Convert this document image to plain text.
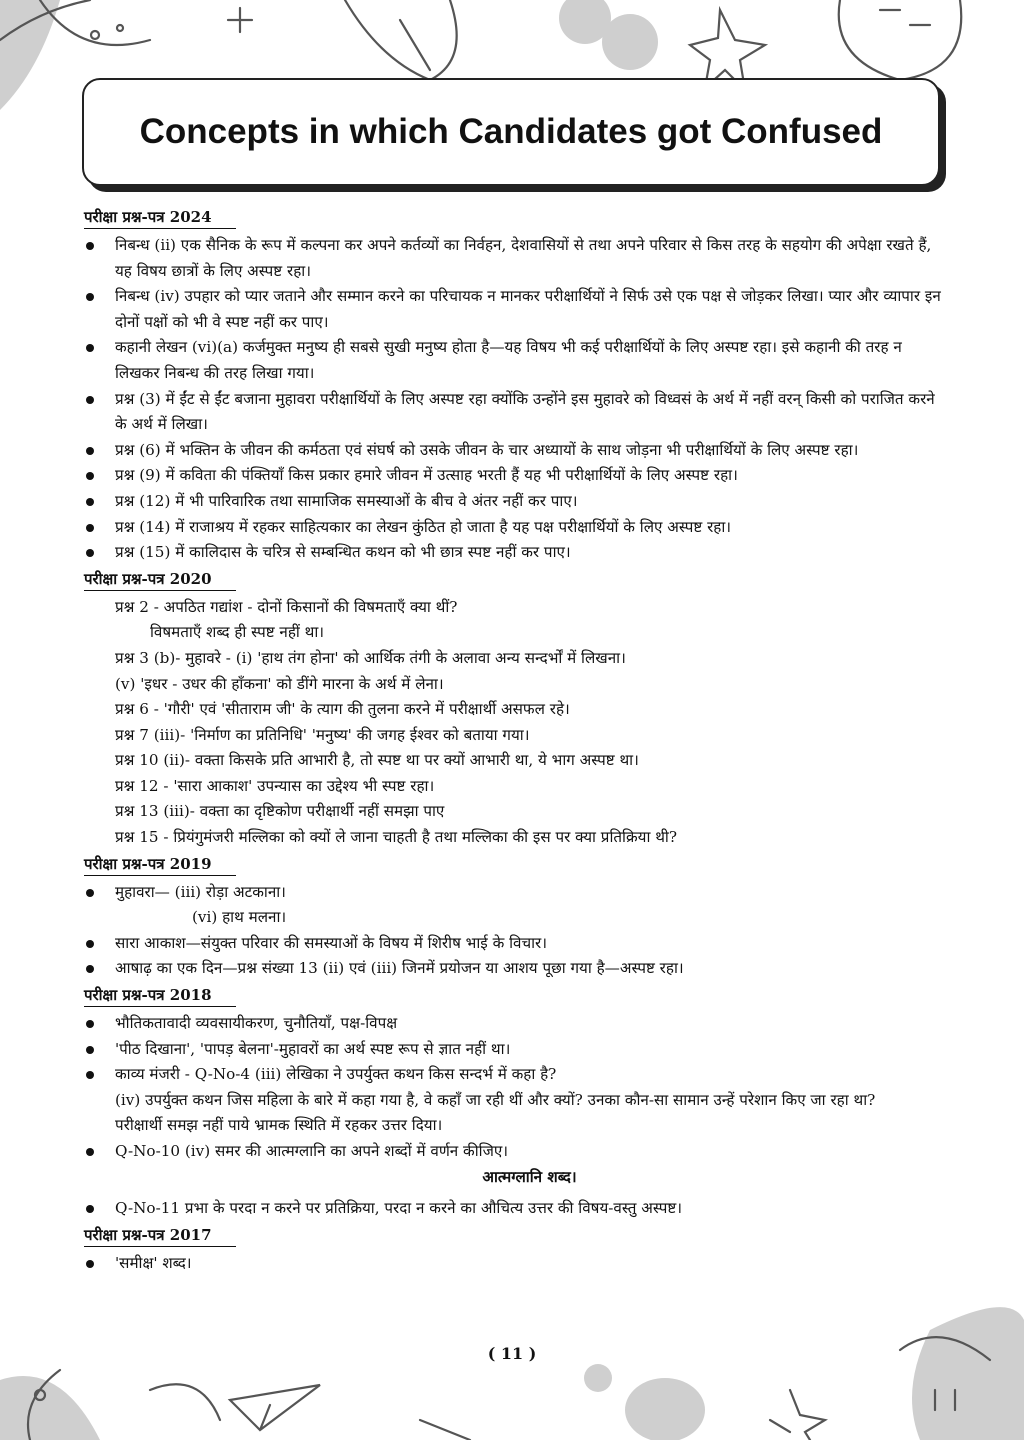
Concepts in which Candidates got Confused
परीक्षा प्रश्न-पत्र 2024
निबन्ध (ii) एक सैनिक के रूप में कल्पना कर अपने कर्तव्यों का निर्वहन, देशवासियों से तथा अपने परिवार से किस तरह के सहयोग की अपेक्षा रखते हैं, यह विषय छात्रों के लिए अस्पष्ट रहा।
निबन्ध (iv) उपहार को प्यार जताने और सम्मान करने का परिचायक न मानकर परीक्षार्थियों ने सिर्फ उसे एक पक्ष से जोड़कर लिखा। प्यार और व्यापार इन दोनों पक्षों को भी वे स्पष्ट नहीं कर पाए।
कहानी लेखन (vi)(a) कर्जमुक्त मनुष्य ही सबसे सुखी मनुष्य होता है—यह विषय भी कई परीक्षार्थियों के लिए अस्पष्ट रहा। इसे कहानी की तरह न लिखकर निबन्ध की तरह लिखा गया।
प्रश्न (3) में ईंट से ईंट बजाना मुहावरा परीक्षार्थियों के लिए अस्पष्ट रहा क्योंकि उन्होंने इस मुहावरे को विध्वसं के अर्थ में नहीं वरन् किसी को पराजित करने के अर्थ में लिखा।
प्रश्न (6) में भक्तिन के जीवन की कर्मठता एवं संघर्ष को उसके जीवन के चार अध्यायों के साथ जोड़ना भी परीक्षार्थियों के लिए अस्पष्ट रहा।
प्रश्न (9) में कविता की पंक्तियाँ किस प्रकार हमारे जीवन में उत्साह भरती हैं यह भी परीक्षार्थियों के लिए अस्पष्ट रहा।
प्रश्न (12) में भी पारिवारिक तथा सामाजिक समस्याओं के बीच वे अंतर नहीं कर पाए।
प्रश्न (14) में राजाश्रय में रहकर साहित्यकार का लेखन कुंठित हो जाता है यह पक्ष परीक्षार्थियों के लिए अस्पष्ट रहा।
प्रश्न (15) में कालिदास के चरित्र से सम्बन्धित कथन को भी छात्र स्पष्ट नहीं कर पाए।
परीक्षा प्रश्न-पत्र 2020
प्रश्न 2 - अपठित गद्यांश - दोनों किसानों की विषमताएँ क्या थीं?
विषमताएँ शब्द ही स्पष्ट नहीं था।
प्रश्न 3 (b)- मुहावरे - (i) 'हाथ तंग होना' को आर्थिक तंगी के अलावा अन्य सन्दर्भों में लिखना।
(v) 'इधर - उधर की हाँकना' को डींगे मारना के अर्थ में लेना।
प्रश्न 6 - 'गौरी' एवं 'सीताराम जी' के त्याग की तुलना करने में परीक्षार्थी असफल रहे।
प्रश्न 7 (iii)- 'निर्माण का प्रतिनिधि' 'मनुष्य' की जगह ईश्वर को बताया गया।
प्रश्न 10 (ii)- वक्ता किसके प्रति आभारी है, तो स्पष्ट था पर क्यों आभारी था, ये भाग अस्पष्ट था।
प्रश्न 12 - 'सारा आकाश' उपन्यास का उद्देश्य भी स्पष्ट रहा।
प्रश्न 13 (iii)- वक्ता का दृष्टिकोण परीक्षार्थी नहीं समझा पाए
प्रश्न 15 - प्रियंगुमंजरी मल्लिका को क्यों ले जाना चाहती है तथा मल्लिका की इस पर क्या प्रतिक्रिया थी?
परीक्षा प्रश्न-पत्र 2019
मुहावरा— (iii) रोड़ा अटकाना।
(vi) हाथ मलना।
सारा आकाश—संयुक्त परिवार की समस्याओं के विषय में शिरीष भाई के विचार।
आषाढ़ का एक दिन—प्रश्न संख्या 13 (ii) एवं (iii) जिनमें प्रयोजन या आशय पूछा गया है—अस्पष्ट रहा।
परीक्षा प्रश्न-पत्र 2018
भौतिकतावादी व्यवसायीकरण, चुनौतियाँ, पक्ष-विपक्ष
'पीठ दिखाना', 'पापड़ बेलना'-मुहावरों का अर्थ स्पष्ट रूप से ज्ञात नहीं था।
काव्य मंजरी - Q-No-4 (iii) लेखिका ने उपर्युक्त कथन किस सन्दर्भ में कहा है?
(iv) उपर्युक्त कथन जिस महिला के बारे में कहा गया है, वे कहाँ जा रही थीं और क्यों? उनका कौन-सा सामान उन्हें परेशान किए जा रहा था?
परीक्षार्थी समझ नहीं पाये भ्रामक स्थिति में रहकर उत्तर दिया।
Q-No-10 (iv) समर की आत्मग्लानि का अपने शब्दों में वर्णन कीजिए।
आत्मग्लानि शब्द।
Q-No-11 प्रभा के परदा न करने पर प्रतिक्रिया, परदा न करने का औचित्य उत्तर की विषय-वस्तु अस्पष्ट।
परीक्षा प्रश्न-पत्र 2017
'समीक्ष' शब्द।
( 11 )
